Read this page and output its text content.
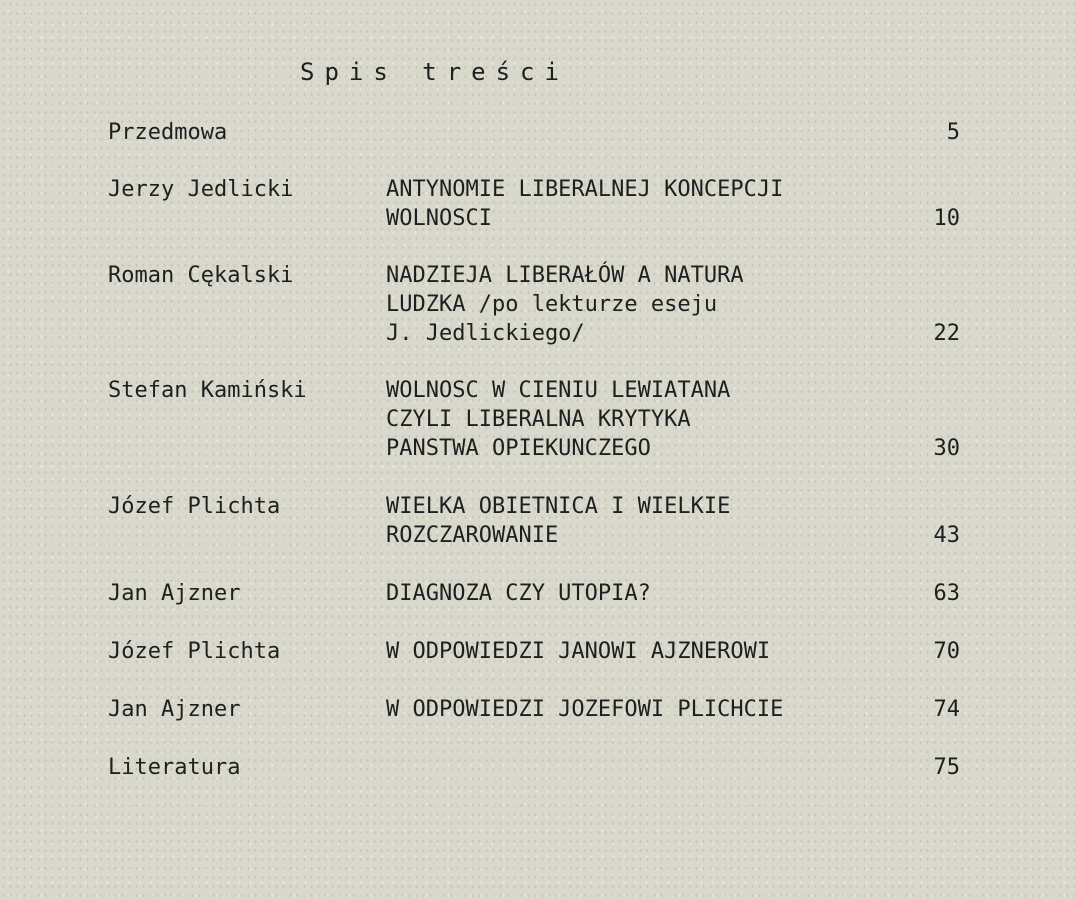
Spis treści
Przedmowa	5
Jerzy Jedlicki	ANTYNOMIE LIBERALNEJ KONCEPCJI
WOLNOSCI	10
Roman Cękalski	NADZIEJA LIBERAŁÓW A NATURA
LUDZKA /po lekturze eseju
J. Jedlickiego/	22
Stefan Kamiński	WOLNOSC W CIENIU LEWIATANA
CZYLI LIBERALNA KRYTYKA
PANSTWA OPIEKUNCZEGO	30
Józef Plichta	WIELKA OBIETNICA I WIELKIE
ROZCZAROWANIE	43
Jan Ajzner	DIAGNOZA CZY UTOPIA?	63
Józef Plichta	W ODPOWIEDZI JANOWI AJZNEROWI	70
Jan Ajzner	W ODPOWIEDZI JOZEFOWI PLICHCIE	74
Literatura	75
